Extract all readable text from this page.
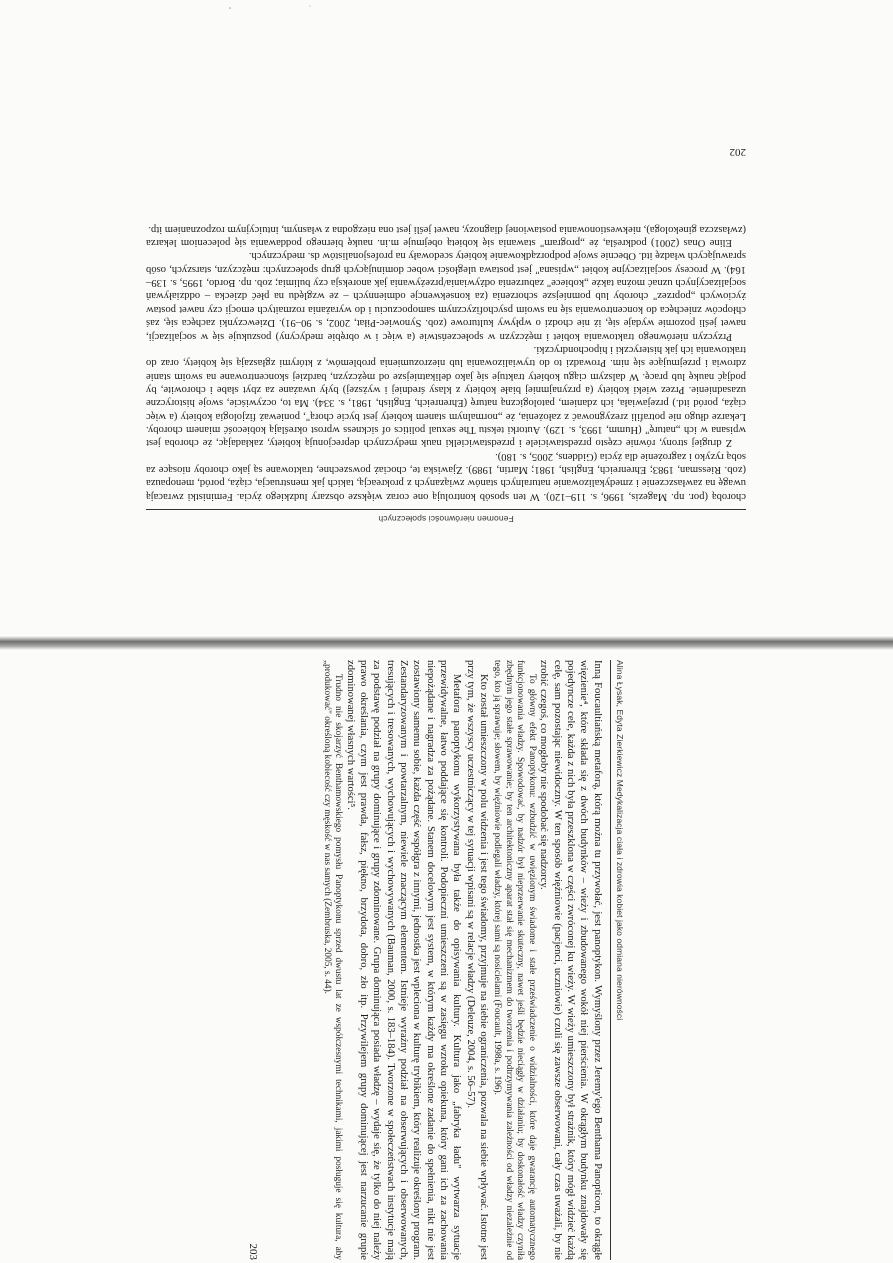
Fenomen nierówności społecznych

chorobą (por. np. Magezis, 1996, s. 119–120). W ten sposób kontrolują one coraz większe obszary ludzkiego życia. Feministki zwracają uwagę na zawłaszczenie i zmedykalizowanie naturalnych stanów związanych z prokreacją, takich jak menstruacja, ciąża, poród, menopauza (zob. Riessman, 1983; Ehrenreich, English, 1981; Martin, 1989). Zjawiska te, chociaż powszechne, traktowane są jako choroby niosące za sobą ryzyko i zagrożenie dla życia (Giddens, 2005, s. 180).

Z drugiej strony, równie często przedstawiciele i przedstawicielki nauk medycznych deprecjonują kobiety, zakładając, że choroba jest wpisana w ich „naturę" (Humm, 1993, s. 129). Autorki tekstu The sexual politics of sickness wprost określają kobiecość mianem choroby. Lekarze długo nie potrafili zrezygnować z założenia, że „normalnym stanem kobiety jest bycie chorą", ponieważ fizjologia kobiety (a więc ciąża, poród itd.) przejawiała, ich zdaniem, patologiczną naturę (Ehrenreich, English, 1981, s. 334). Ma to, oczywiście, swoje historyczne uzasadnienie. Przez wieki kobiety (a przynajmniej białe kobiety z klasy średniej i wyższej) były uważane za zbyt słabe i chorowite, by podjąć naukę lub pracę. W dalszym ciągu kobiety traktuje się jako delikatniejsze od mężczyzn, bardziej skoncentrowane na swoim stanie zdrowia i przejmujące się nim. Prowadzi to do trywializowania lub niezrozumienia problemów, z którymi zgłaszają się kobiety, oraz do traktowania ich jak histeryczki i hipochondryczki.

Przyczyn nierównego traktowania kobiet i mężczyzn w społeczeństwie (a więc i w obrębie medycyny) poszukuje się w socjalizacji, nawet jeśli pozornie wydaje się, iż nie chodzi o wpływy kulturowe (zob. Synowiec-Piłat, 2002, s. 90–91). Dziewczynki zachęca się, zaś chłopców zniechęca do koncentrowania się na swoim psychofizycznym samopoczuciu i do wyrażania rozmaitych emocji czy nawet postaw życiowych „poprzez" choroby lub pomniejsze schorzenia (za konsekwencje odmiennych – ze względu na płeć dziecka – oddziaływań socjalizacyjnych uznać można także „kobiece" zaburzenia odżywiania/przeżywania jak anoreksja czy bulimia; zob. np. Bordo, 1995, s. 139–164). W procesy socjalizacyjne kobiet „wpisana" jest postawa uległości wobec dominujących grup społecznych: mężczyzn, starszych, osób sprawujących władzę itd. Obecnie swoje podporządkowanie kobiety scedowały na profesjonalistów ds. medycznych.

Eline Onas (2001) podkreśla, że „program" stawania się kobietą obejmuje m.in. naukę biernego poddawania się poleceniom lekarza (zwłaszcza ginekologa), niekwestionowania postawionej diagnozy, nawet jeśli jest ona niezgodna z własnym, intuicyjnym rozpoznaniem itp.

202
Alina Łysak, Edyta Zierkiewicz Medykalizacja ciała i zdrowia kobiet jako odmiana nierówności

Inną Foucaultiańską metaforą, którą można tu przywołać, jest panoptykon. Wymyślony przez Jeremy'ego Benthama Panopticon, to okrągłe więzienie⁴, które składa się z dwóch budynków – wieży i zbudowanego wokół niej pierścienia. W okrągłym budynku znajdowały się pojedyncze cele, każda z nich była przeszklona w części zwróconej ku wieży. W wieży umieszczony był strażnik, który mógł widzieć każdą celę, sam pozostając niewidoczny. W ten sposób więźniowie (pacjenci, uczniowie) czuli się zawsze obserwowani, cały czas uważali, by nie zrobić czegoś, co mogłoby nie spodobać się nadzorcy.

To główny efekt Panoptykonu: wzbudzić w uwięzionym świadome i stałe przeświadczenie o widzialności, które daje gwarancję automatycznego funkcjonowania władzy. Spowodować, by nadzór był nieprzerwanie skuteczny, nawet jeśli będzie nieciągły w działaniu; by doskonałość władzy czyniła zbędnym jego stałe sprawowanie; by ten architektoniczny aparat stał się mechanizmem do tworzenia i podtrzymywania zależności od władzy niezależnie od tego, kto ją sprawuje; słowem, by więźniowie podlegali władzy, której sami są nosicielami (Foucault, 1998a, s. 196).

Kto został umieszczony w polu widzenia i jest tego świadomy, przyjmuje na siebie ograniczenia, pozwala na siebie wpływać. Istotne jest przy tym, że wszyscy uczestniczący w tej sytuacji wpisani są w relacje władzy (Deleuze, 2004, s. 56–57).

Metafora panoptykonu wykorzystywana była także do opisywania kultury. Kultura jako „fabryka ładu" wytwarza sytuacje przewidywalne, łatwo poddające się kontroli. Podopieczni umieszczeni są w zasięgu wzroku opiekuna, który gani ich za zachowania niepożądane i nagradza za pożądane. Stanem docelowym jest system, w którym każdy ma określone zadanie do spełnienia, nikt nie jest zostawiony samemu sobie, każda część współgra z innymi, jednostka jest wpleciona w kulturę trybikiem, który realizuje określony program. Zestandaryzowanym i powtarzalnym, niewiele znaczącym elementem. Istnieje wyraźny podział na obserwujących i obserwowanych, tresujących i tresowanych, wychowujących i wychowywanych (Bauman, 2000, s. 183–184). Tworzone w społeczeństwach instytucje mają za podstawę podział na grupy dominujące i grupy zdominowane. Grupa dominująca posiada władzę – wydaje się, że tylko do niej należy prawo określania, czym jest prawda, fałsz, piękno, brzydota, dobro, zło itp. Przywilejem grupy dominującej jest narzucanie grupie zdominowanej własnych wartości⁵.

Trudno nie skojarzyć Benthamowskiego pomysłu Panoptykonu sprzed dwustu lat ze współczesnymi technikami, jakimi posługuje się kultura, aby „produkować" określoną kobiecość czy męskość w nas samych (Zembruska, 2005, s. 44).

203
